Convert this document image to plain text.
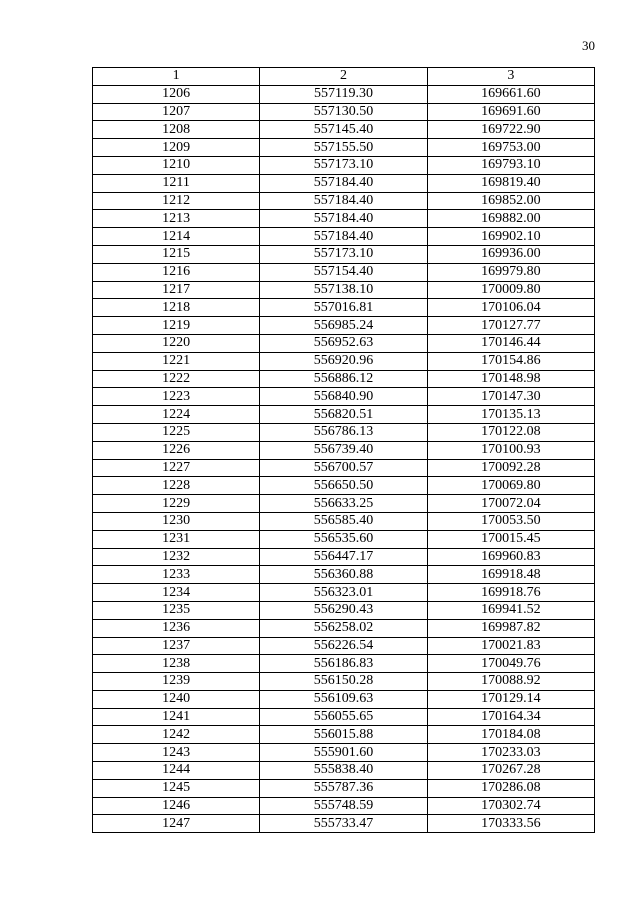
30
1	2	3
1206	557119.30	169661.60
1207	557130.50	169691.60
1208	557145.40	169722.90
1209	557155.50	169753.00
1210	557173.10	169793.10
1211	557184.40	169819.40
1212	557184.40	169852.00
1213	557184.40	169882.00
1214	557184.40	169902.10
1215	557173.10	169936.00
1216	557154.40	169979.80
1217	557138.10	170009.80
1218	557016.81	170106.04
1219	556985.24	170127.77
1220	556952.63	170146.44
1221	556920.96	170154.86
1222	556886.12	170148.98
1223	556840.90	170147.30
1224	556820.51	170135.13
1225	556786.13	170122.08
1226	556739.40	170100.93
1227	556700.57	170092.28
1228	556650.50	170069.80
1229	556633.25	170072.04
1230	556585.40	170053.50
1231	556535.60	170015.45
1232	556447.17	169960.83
1233	556360.88	169918.48
1234	556323.01	169918.76
1235	556290.43	169941.52
1236	556258.02	169987.82
1237	556226.54	170021.83
1238	556186.83	170049.76
1239	556150.28	170088.92
1240	556109.63	170129.14
1241	556055.65	170164.34
1242	556015.88	170184.08
1243	555901.60	170233.03
1244	555838.40	170267.28
1245	555787.36	170286.08
1246	555748.59	170302.74
1247	555733.47	170333.56
